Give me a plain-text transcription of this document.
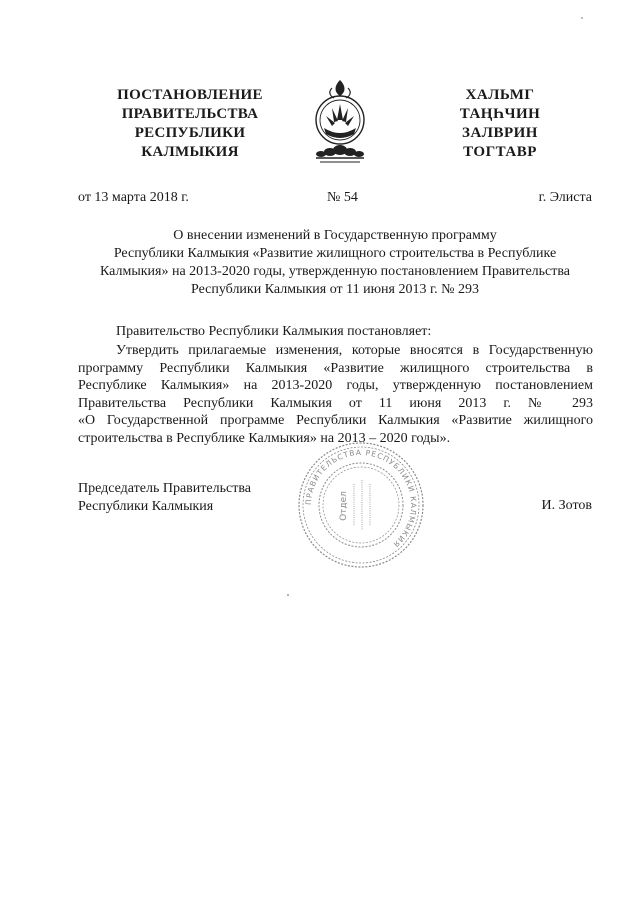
ПОСТАНОВЛЕНИЕ
ПРАВИТЕЛЬСТВА
РЕСПУБЛИКИ
КАЛМЫКИЯ
ХАЛЬМГ
ТАҢҺЧИН
ЗАЛВРИН
ТОГТАВР
от 13 марта 2018 г.	№ 54	г. Элиста
О внесении изменений в Государственную программу
Республики Калмыкия «Развитие жилищного строительства в Республике
Калмыкия» на 2013-2020 годы, утвержденную постановлением Правительства
Республики Калмыкия от 11 июня 2013 г. № 293
Правительство Республики Калмыкия постановляет:
Утвердить прилагаемые изменения, которые вносятся в Государственную
программу Республики Калмыкия «Развитие жилищного строительства в
Республике Калмыкия» на 2013-2020 годы, утвержденную постановлением
Правительства Республики Калмыкия от 11 июня 2013 г. № 293
«О Государственной программе Республики Калмыкия «Развитие жилищного
строительства в Республике Калмыкия» на 2013 – 2020 годы».
Председатель Правительства
Республики Калмыкия	ПРАВИТЕЛЬСТВА РЕСПУБЛИКИ КАЛМЫКИЯ
Отдел	И. Зотов
